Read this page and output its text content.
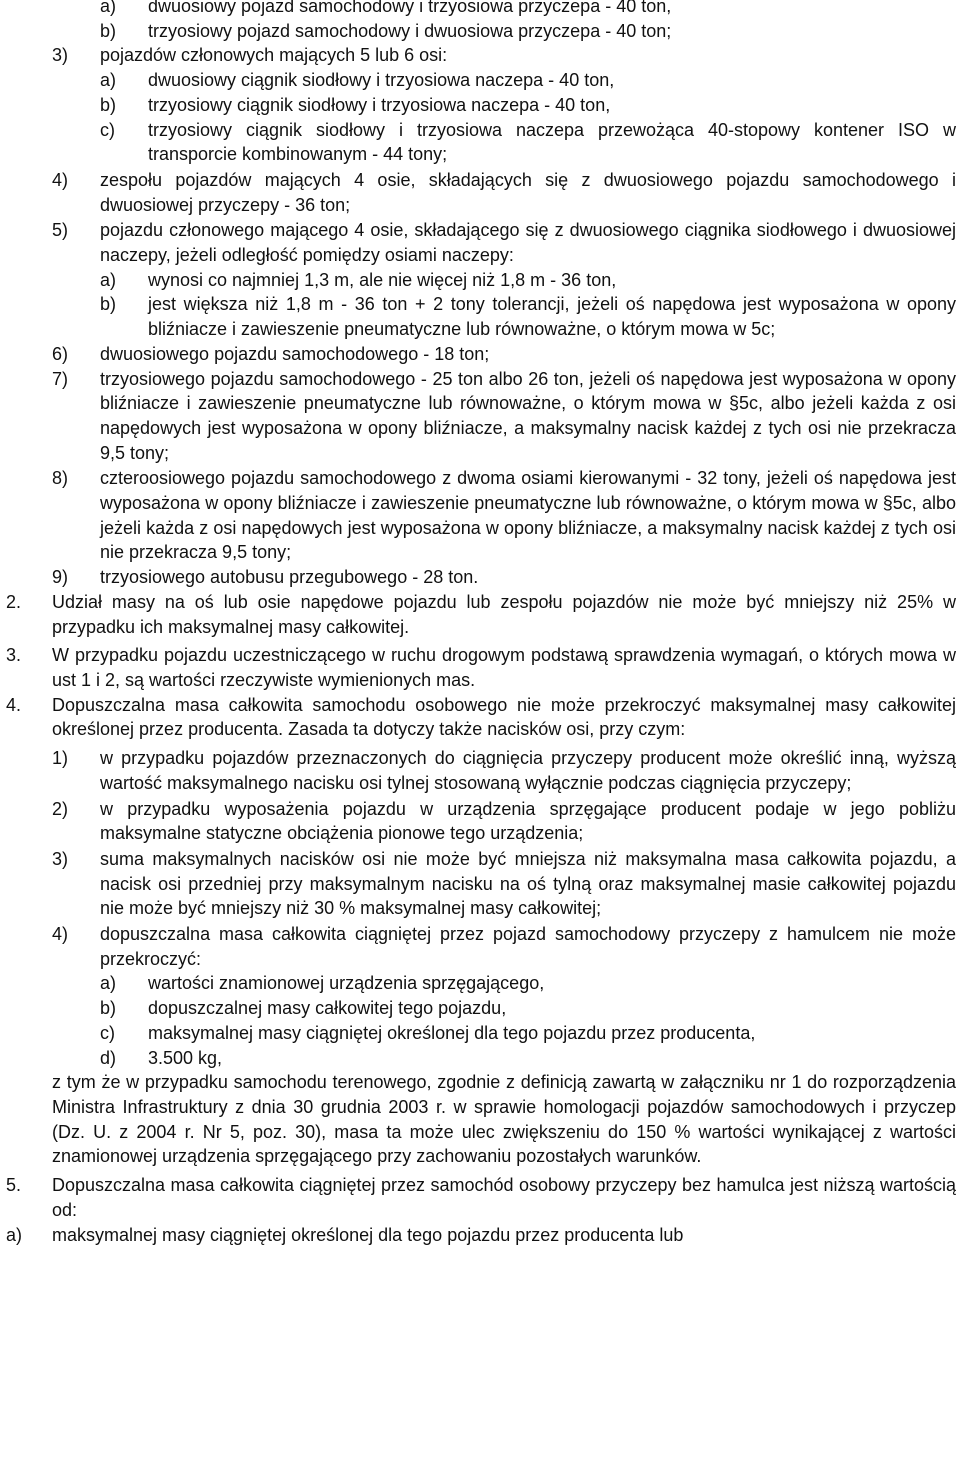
a)	dwuosiowy pojazd samochodowy i trzyosiowa przyczepa - 40 ton,
b)	trzyosiowy pojazd samochodowy i dwuosiowa przyczepa - 40 ton;
3)	pojazdów członowych mających 5 lub 6 osi:
a)	dwuosiowy ciągnik siodłowy i trzyosiowa naczepa - 40 ton,
b)	trzyosiowy ciągnik siodłowy i trzyosiowa naczepa - 40 ton,
c)	trzyosiowy ciągnik siodłowy i trzyosiowa naczepa przewożąca 40-stopowy kontener ISO w transporcie kombinowanym - 44 tony;
4)	zespołu pojazdów mających 4 osie, składających się z dwuosiowego pojazdu samochodowego i dwuosiowej przyczepy - 36 ton;
5)	pojazdu członowego mającego 4 osie, składającego się z dwuosiowego ciągnika siodłowego i dwuosiowej naczepy, jeżeli odległość pomiędzy osiami naczepy:
a)	wynosi co najmniej 1,3 m, ale nie więcej niż 1,8 m - 36 ton,
b)	jest większa niż 1,8 m - 36 ton + 2 tony tolerancji, jeżeli oś napędowa jest wyposażona w opony bliźniacze i zawieszenie pneumatyczne lub równoważne, o którym mowa w 5c;
6)	dwuosiowego pojazdu samochodowego - 18 ton;
7)	trzyosiowego pojazdu samochodowego - 25 ton albo 26 ton, jeżeli oś napędowa jest wyposażona w opony bliźniacze i zawieszenie pneumatyczne lub równoważne, o którym mowa w §5c, albo jeżeli każda z osi napędowych jest wyposażona w opony bliźniacze, a maksymalny nacisk każdej z tych osi nie przekracza 9,5 tony;
8)	czteroosiowego pojazdu samochodowego z dwoma osiami kierowanymi - 32 tony, jeżeli oś napędowa jest wyposażona w opony bliźniacze i zawieszenie pneumatyczne lub równoważne, o którym mowa w §5c, albo jeżeli każda z osi napędowych jest wyposażona w opony bliźniacze, a maksymalny nacisk każdej z tych osi nie przekracza 9,5 tony;
9)	trzyosiowego autobusu przegubowego - 28 ton.
2.	Udział masy na oś lub osie napędowe pojazdu lub zespołu pojazdów nie może być mniejszy niż 25% w przypadku ich maksymalnej masy całkowitej.
3.	W przypadku pojazdu uczestniczącego w ruchu drogowym podstawą sprawdzenia wymagań, o których mowa w ust 1 i 2, są wartości rzeczywiste wymienionych mas.
4.	Dopuszczalna masa całkowita samochodu osobowego nie może przekroczyć maksymalnej masy całkowitej określonej przez producenta. Zasada ta dotyczy także nacisków osi, przy czym:
1)	w przypadku pojazdów przeznaczonych do ciągnięcia przyczepy producent może określić inną, wyższą wartość maksymalnego nacisku osi tylnej stosowaną wyłącznie podczas ciągnięcia przyczepy;
2)	w przypadku wyposażenia pojazdu w urządzenia sprzęgające producent podaje w jego pobliżu maksymalne statyczne obciążenia pionowe tego urządzenia;
3)	suma maksymalnych nacisków osi nie może być mniejsza niż maksymalna masa całkowita pojazdu, a nacisk osi przedniej przy maksymalnym nacisku na oś tylną oraz maksymalnej masie całkowitej pojazdu nie może być mniejszy niż 30 % maksymalnej masy całkowitej;
4)	dopuszczalna masa całkowita ciągniętej przez pojazd samochodowy przyczepy z hamulcem nie może przekroczyć:
a)	wartości znamionowej urządzenia sprzęgającego,
b)	dopuszczalnej masy całkowitej tego pojazdu,
c)	maksymalnej masy ciągniętej określonej dla tego pojazdu przez producenta,
d)	3.500 kg,
z tym że w przypadku samochodu terenowego, zgodnie z definicją zawartą w załączniku nr 1 do rozporządzenia Ministra Infrastruktury z dnia 30 grudnia 2003 r. w sprawie homologacji pojazdów samochodowych i przyczep (Dz. U. z 2004 r. Nr 5, poz. 30), masa ta może ulec zwiększeniu do 150 % wartości wynikającej z wartości znamionowej urządzenia sprzęgającego przy zachowaniu pozostałych warunków.
5.	Dopuszczalna masa całkowita ciągniętej przez samochód osobowy przyczepy bez hamulca jest niższą wartością od:
a)	maksymalnej masy ciągniętej określonej dla tego pojazdu przez producenta lub
